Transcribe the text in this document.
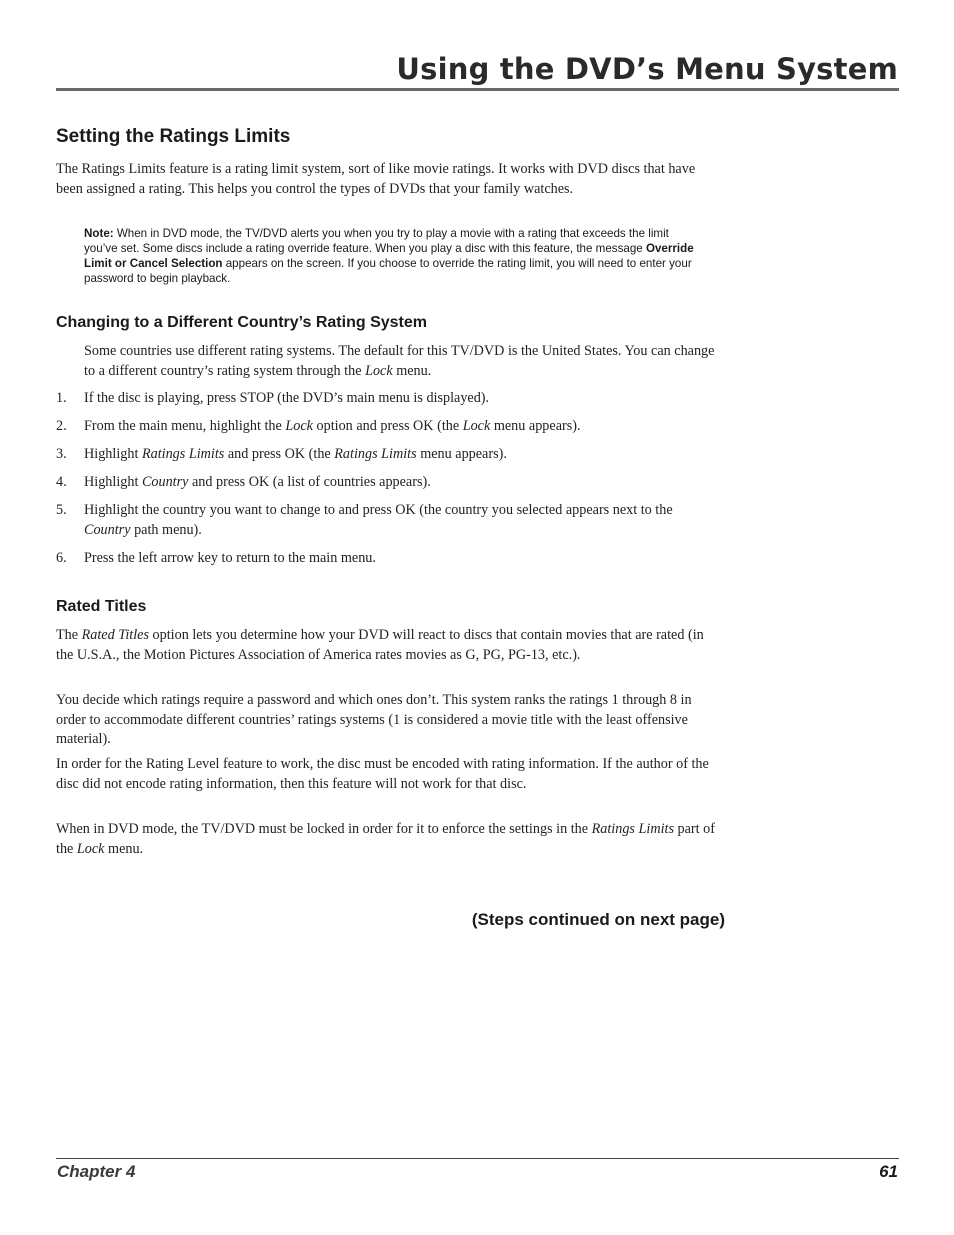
Using the DVD’s Menu System
Setting the Ratings Limits

The Ratings Limits feature is a rating limit system, sort of like movie ratings. It works with DVD discs that have been assigned a rating. This helps you control the types of DVDs that your family watches.

Note: When in DVD mode, the TV/DVD alerts you when you try to play a movie with a rating that exceeds the limit you’ve set. Some discs include a rating override feature. When you play a disc with this feature, the message Override Limit or Cancel Selection appears on the screen. If you choose to override the rating limit, you will need to enter your password to begin playback.

Changing to a Different Country’s Rating System

Some countries use different rating systems. The default for this TV/DVD is the United States. You can change to a different country’s rating system through the Lock menu.

1. If the disc is playing, press STOP (the DVD’s main menu is displayed).
2. From the main menu, highlight the Lock option and press OK (the Lock menu appears).
3. Highlight Ratings Limits and press OK (the Ratings Limits menu appears).
4. Highlight Country and press OK (a list of countries appears).
5. Highlight the country you want to change to and press OK (the country you selected appears next to the Country path menu).
6. Press the left arrow key to return to the main menu.
Rated Titles

The Rated Titles option lets you determine how your DVD will react to discs that contain movies that are rated (in the U.S.A., the Motion Pictures Association of America rates movies as G, PG, PG-13, etc.).

You decide which ratings require a password and which ones don’t. This system ranks the ratings 1 through 8 in order to accommodate different countries’ ratings systems (1 is considered a movie title with the least offensive material).

In order for the Rating Level feature to work, the disc must be encoded with rating information. If the author of the disc did not encode rating information, then this feature will not work for that disc.

When in DVD mode, the TV/DVD must be locked in order for it to enforce the settings in the Ratings Limits part of the Lock menu.

(Steps continued on next page)

Chapter 4	61
